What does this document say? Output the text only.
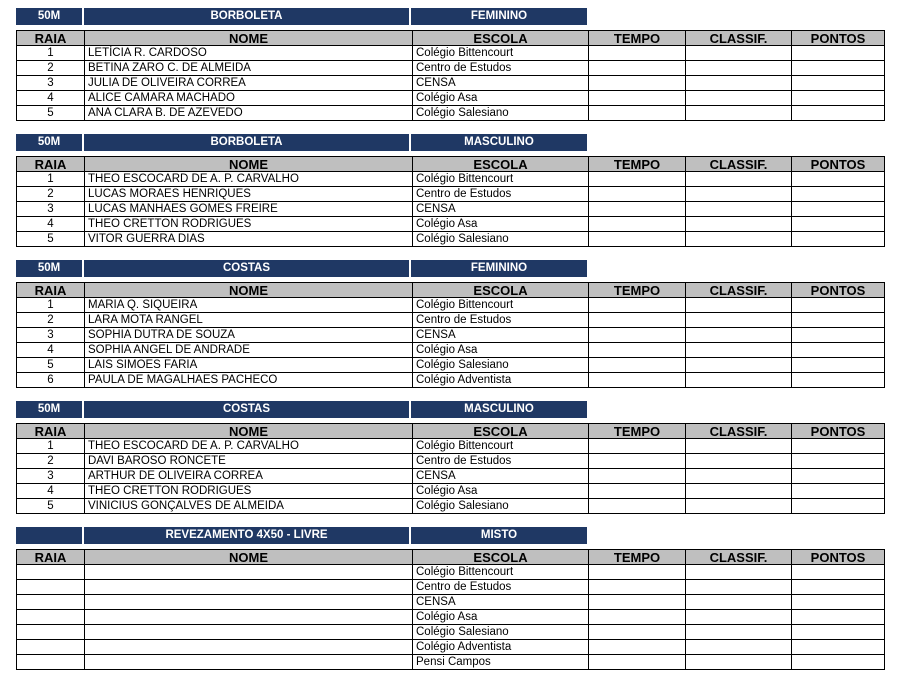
50M	BORBOLETA	FEMININO
RAIA	NOME	ESCOLA	TEMPO	CLASSIF.	PONTOS
1	LETÍCIA R. CARDOSO	Colégio Bittencourt			
2	BETINA ZARO C. DE ALMEIDA	Centro de Estudos			
3	JULIA DE OLIVEIRA CORREA	CENSA			
4	ALICE CAMARA MACHADO	Colégio Asa			
5	ANA CLARA B. DE AZEVEDO	Colégio Salesiano			
50M	BORBOLETA	MASCULINO
RAIA	NOME	ESCOLA	TEMPO	CLASSIF.	PONTOS
1	THEO ESCOCARD DE A. P. CARVALHO	Colégio Bittencourt			
2	LUCAS MORAES HENRIQUES	Centro de Estudos			
3	LUCAS MANHAES GOMES FREIRE	CENSA			
4	THEO CRETTON RODRIGUES	Colégio Asa			
5	VITOR GUERRA DIAS	Colégio Salesiano			
50M	COSTAS	FEMININO
RAIA	NOME	ESCOLA	TEMPO	CLASSIF.	PONTOS
1	MARIA Q. SIQUEIRA	Colégio Bittencourt			
2	LARA MOTA RANGEL	Centro de Estudos			
3	SOPHIA DUTRA DE SOUZA	CENSA			
4	SOPHIA ANGEL DE ANDRADE	Colégio Asa			
5	LAIS SIMOES FARIA	Colégio Salesiano			
6	PAULA DE MAGALHAES PACHECO	Colégio Adventista			
50M	COSTAS	MASCULINO
RAIA	NOME	ESCOLA	TEMPO	CLASSIF.	PONTOS
1	THEO ESCOCARD DE A. P. CARVALHO	Colégio Bittencourt			
2	DAVI BAROSO RONCETE	Centro de Estudos			
3	ARTHUR DE OLIVEIRA CORREA	CENSA			
4	THEO CRETTON RODRIGUES	Colégio Asa			
5	VINICIUS GONÇALVES DE ALMEIDA	Colégio Salesiano			
REVEZAMENTO 4X50 - LIVRE	MISTO
RAIA	NOME	ESCOLA	TEMPO	CLASSIF.	PONTOS
		Colégio Bittencourt			
		Centro de Estudos			
		CENSA			
		Colégio Asa			
		Colégio Salesiano			
		Colégio Adventista			
		Pensi Campos			
